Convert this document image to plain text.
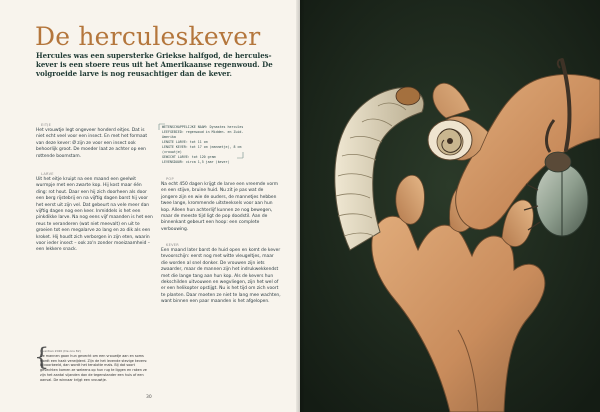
De herculeskever
Hercules was een supersterke Griekse halfgod, de herculeskever is een stoere reus uit het Amerikaanse regenwoud. De volgroeide larve is nog reusachtiger dan de kever.
EITJE
Het vrouwtje legt ongeveer honderd eitjes. Dat is niet echt veel voor een insect. En met het formaat van deze kever: Ø zijn ze voor een insect ook behoorlijk groot. De moeder laat ze achter op een rottende boomstam.
LARVE
Uit het eitje kruipt na een maand een geelwit wurmpje met een zwarte kop. Hij kost maar één ding: rot hout. Daar een hij zich doorheen als door een berg rijstebrij en na vijftig dagen barst hij voor het eerst uit zijn vel. Dat gebeurt na vele meer dan vijftig dagen nog een keer. Inmiddels is het een pinkdikke larve. Na nog eens vijf maanden is het een reus te veranderen (wat niet meevalt) en uit te groeien tot een megalarve zo lang en zo dik als een kroket. Hij houdt zich verborgen in zijn eten, waarin voor ieder insect – ook zo'n zonder moeizaamheid – een lekkere snack.
WETENSCHAPPELIJKE NAAM: Dynastes hercules
LEEFGEBIED: regenwoud in Midden- en Zuid-Amerika
LENGTE LARVE: tot 11 cm
LENGTE KEVER: tot 17 cm (mannetje), 8 cm (vrouwtje)
GEWICHT LARVE: tot 120 gram
LEVENSDUUR: circa 1,5 jaar (kever)
POP
Na echt 450 dagen krijgt de larve een vreemde vorm en een stijve, bruine huid. Nu zit je pas wat de jongere zijn en wie de ouders, de mannetjes hebben twee lange, krommende uitsteeksels voor aan hun kop. Alleen hun achterlijf kunnen ze nog bewegen, maar de meeste tijd ligt de pop doodstil. Aan de binnenkant gebeurt een hoop: een complete verbouwing.
KEVER
Een maand later barst de huid open en komt de kever tevoorschijn: eerst nog met witte vleugeltjes, maar die worden al snel donker. De vrouwen zijn iets zwaarder, maar de mannen zijn het indrukwekkendst met die lange tang aan hun kop. Als de kevers hun dekschilden uitvouwen en wegvliegen, zijn het wel of er een helikopter opstijgt. Nu is het tijd om zich voort te planten. Daar moeten ze niet te lang mee wachten, want binnen een paar maanden is het afgelopen.
{
Guardian 2020 (De ons 82)
De mannen gaan hun gevecht om een vrouwtje aan en soms wordt een haak verwijderd. Zijn de het levende stevige kevers: bijvoorbeeld, dan wordt het tenslotte mals. Bij dat soort gevechten komen ze weleens op hun rug te liggen en raken ze zijn het aantal vijanden dan de tegenstander een huis of een aanval. De winnaar krijgt een vrouwtje.
30
